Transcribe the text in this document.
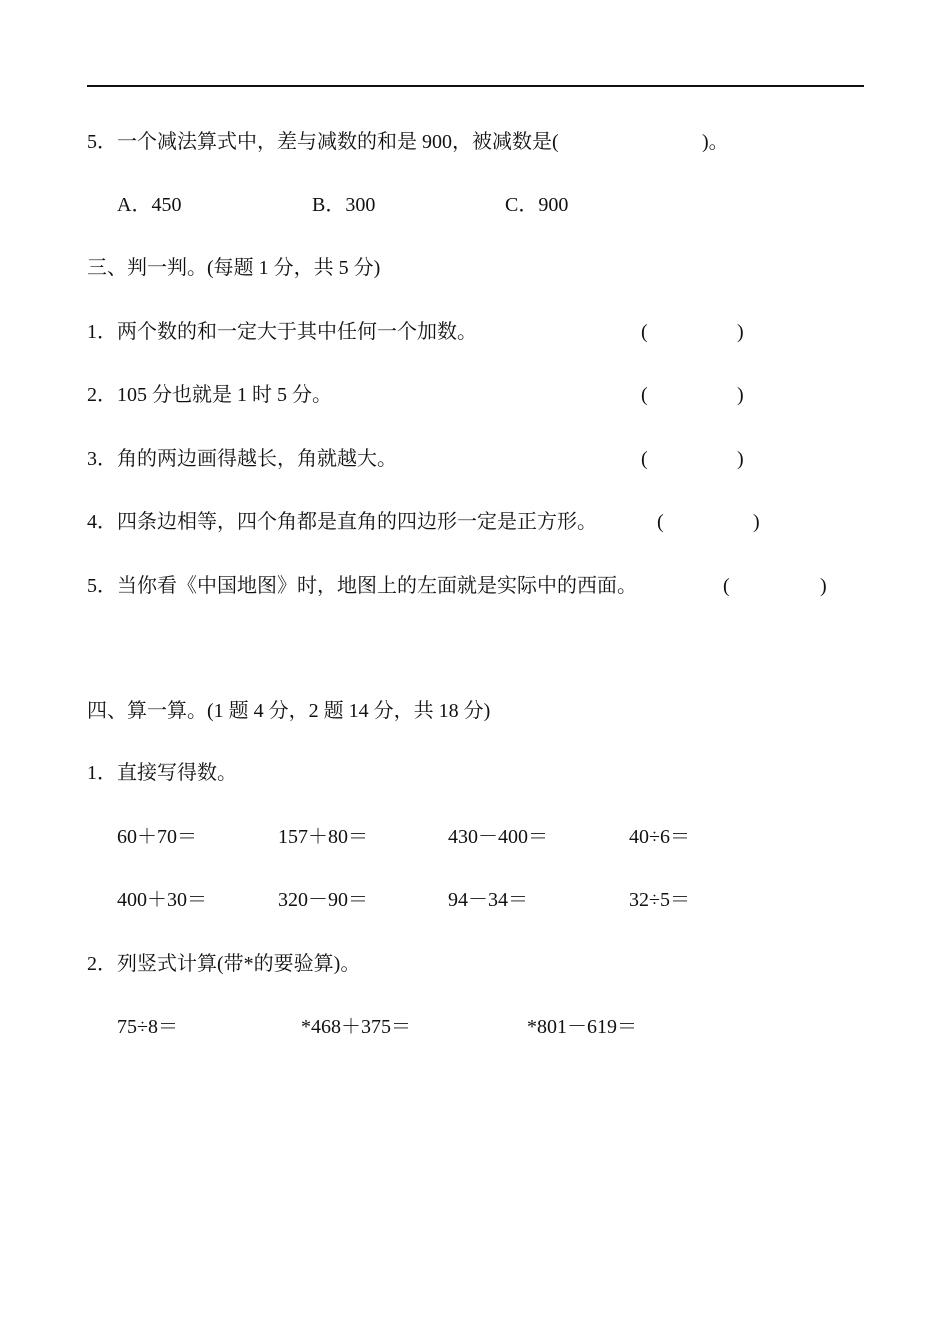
5．一个减法算式中，差与减数的和是 900，被减数是(	)。
A．450	B．300	C．900
三、判一判。(每题 1 分，共 5 分)
1．两个数的和一定大于其中任何一个加数。	(	)
2．105 分也就是 1 时 5 分。	(	)
3．角的两边画得越长，角就越大。	(	)
4．四条边相等，四个角都是直角的四边形一定是正方形。	(	)
5．当你看《中国地图》时，地图上的左面就是实际中的西面。	(	)
四、算一算。(1 题 4 分，2 题 14 分，共 18 分)
1．直接写得数。
60＋70＝	157＋80＝	430－400＝	40÷6＝
400＋30＝	320－90＝	94－34＝	32÷5＝
2．列竖式计算(带*的要验算)。
75÷8＝	*468＋375＝	*801－619＝
